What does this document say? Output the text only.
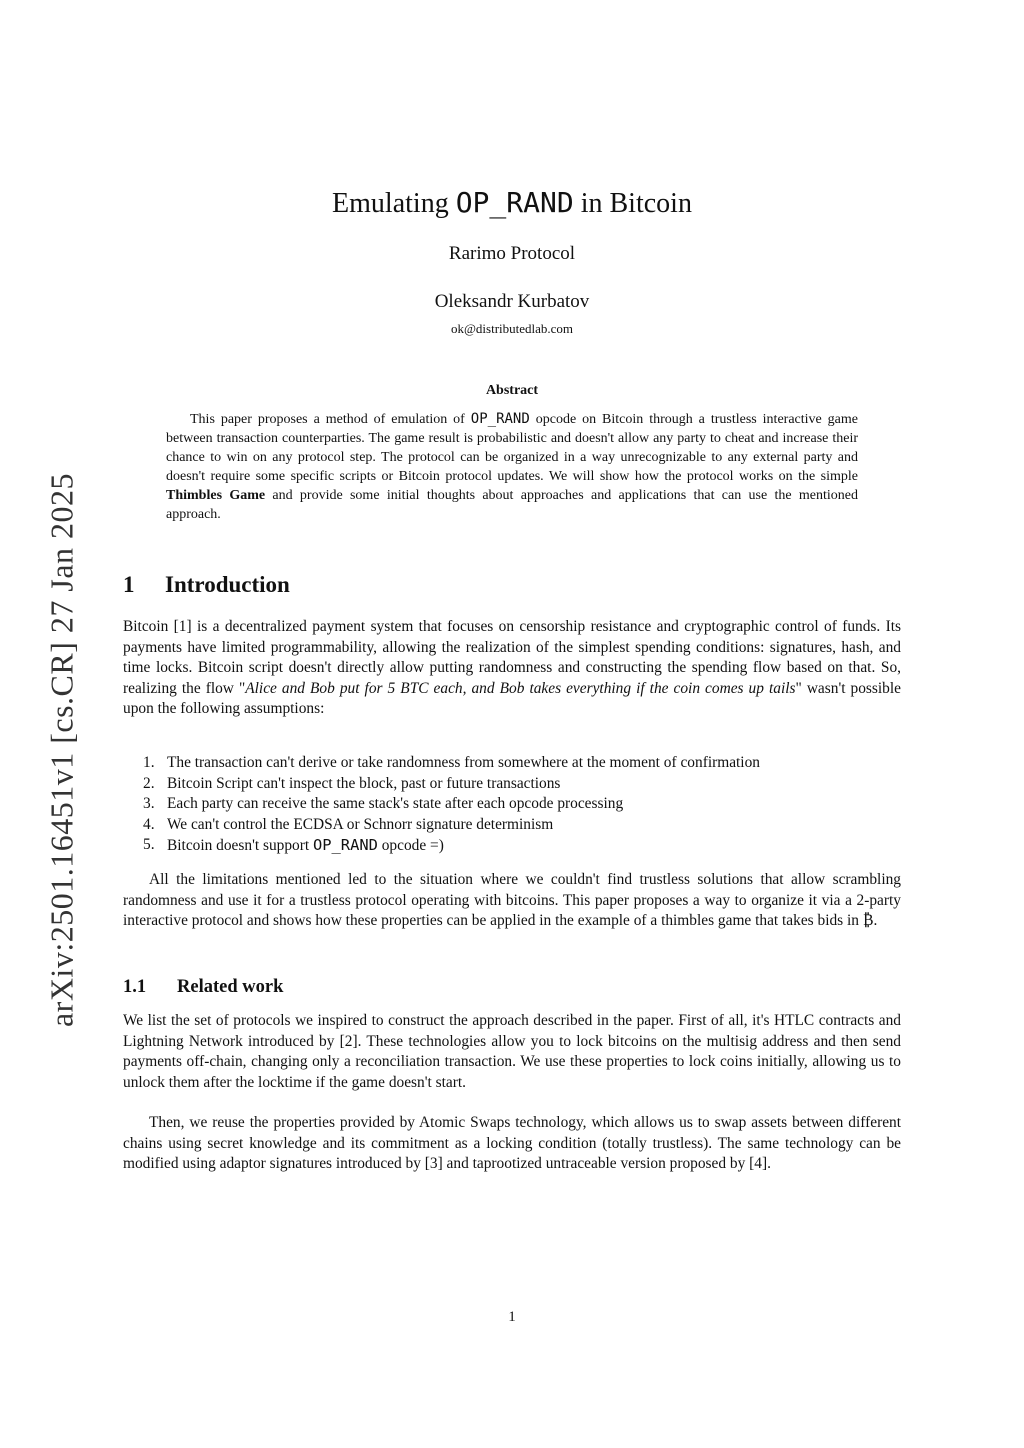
arXiv:2501.16451v1 [cs.CR] 27 Jan 2025
Emulating OP_RAND in Bitcoin
Rarimo Protocol
Oleksandr Kurbatov
ok@distributedlab.com
Abstract

This paper proposes a method of emulation of OP_RAND opcode on Bitcoin through a trustless interactive game between transaction counterparties. The game result is probabilistic and doesn't allow any party to cheat and increase their chance to win on any protocol step. The protocol can be organized in a way unrecognizable to any external party and doesn't require some specific scripts or Bitcoin protocol updates. We will show how the protocol works on the simple Thimbles Game and provide some initial thoughts about approaches and applications that can use the mentioned approach.

1 Introduction

Bitcoin [1] is a decentralized payment system that focuses on censorship resistance and cryptographic control of funds. Its payments have limited programmability, allowing the realization of the simplest spending conditions: signatures, hash, and time locks. Bitcoin script doesn't directly allow putting randomness and constructing the spending flow based on that. So, realizing the flow "Alice and Bob put for 5 BTC each, and Bob takes everything if the coin comes up tails" wasn't possible upon the following assumptions:

1. The transaction can't derive or take randomness from somewhere at the moment of confirmation
2. Bitcoin Script can't inspect the block, past or future transactions
3. Each party can receive the same stack's state after each opcode processing
4. We can't control the ECDSA or Schnorr signature determinism
5. Bitcoin doesn't support OP_RAND opcode =)

All the limitations mentioned led to the situation where we couldn't find trustless solutions that allow scrambling randomness and use it for a trustless protocol operating with bitcoins. This paper proposes a way to organize it via a 2-party interactive protocol and shows how these properties can be applied in the example of a thimbles game that takes bids in ₿.

1.1 Related work

We list the set of protocols we inspired to construct the approach described in the paper. First of all, it's HTLC contracts and Lightning Network introduced by [2]. These technologies allow you to lock bitcoins on the multisig address and then send payments off-chain, changing only a reconciliation transaction. We use these properties to lock coins initially, allowing us to unlock them after the locktime if the game doesn't start.

Then, we reuse the properties provided by Atomic Swaps technology, which allows us to swap assets between different chains using secret knowledge and its commitment as a locking condition (totally trustless). The same technology can be modified using adaptor signatures introduced by [3] and taprootized untraceable version proposed by [4].

1
